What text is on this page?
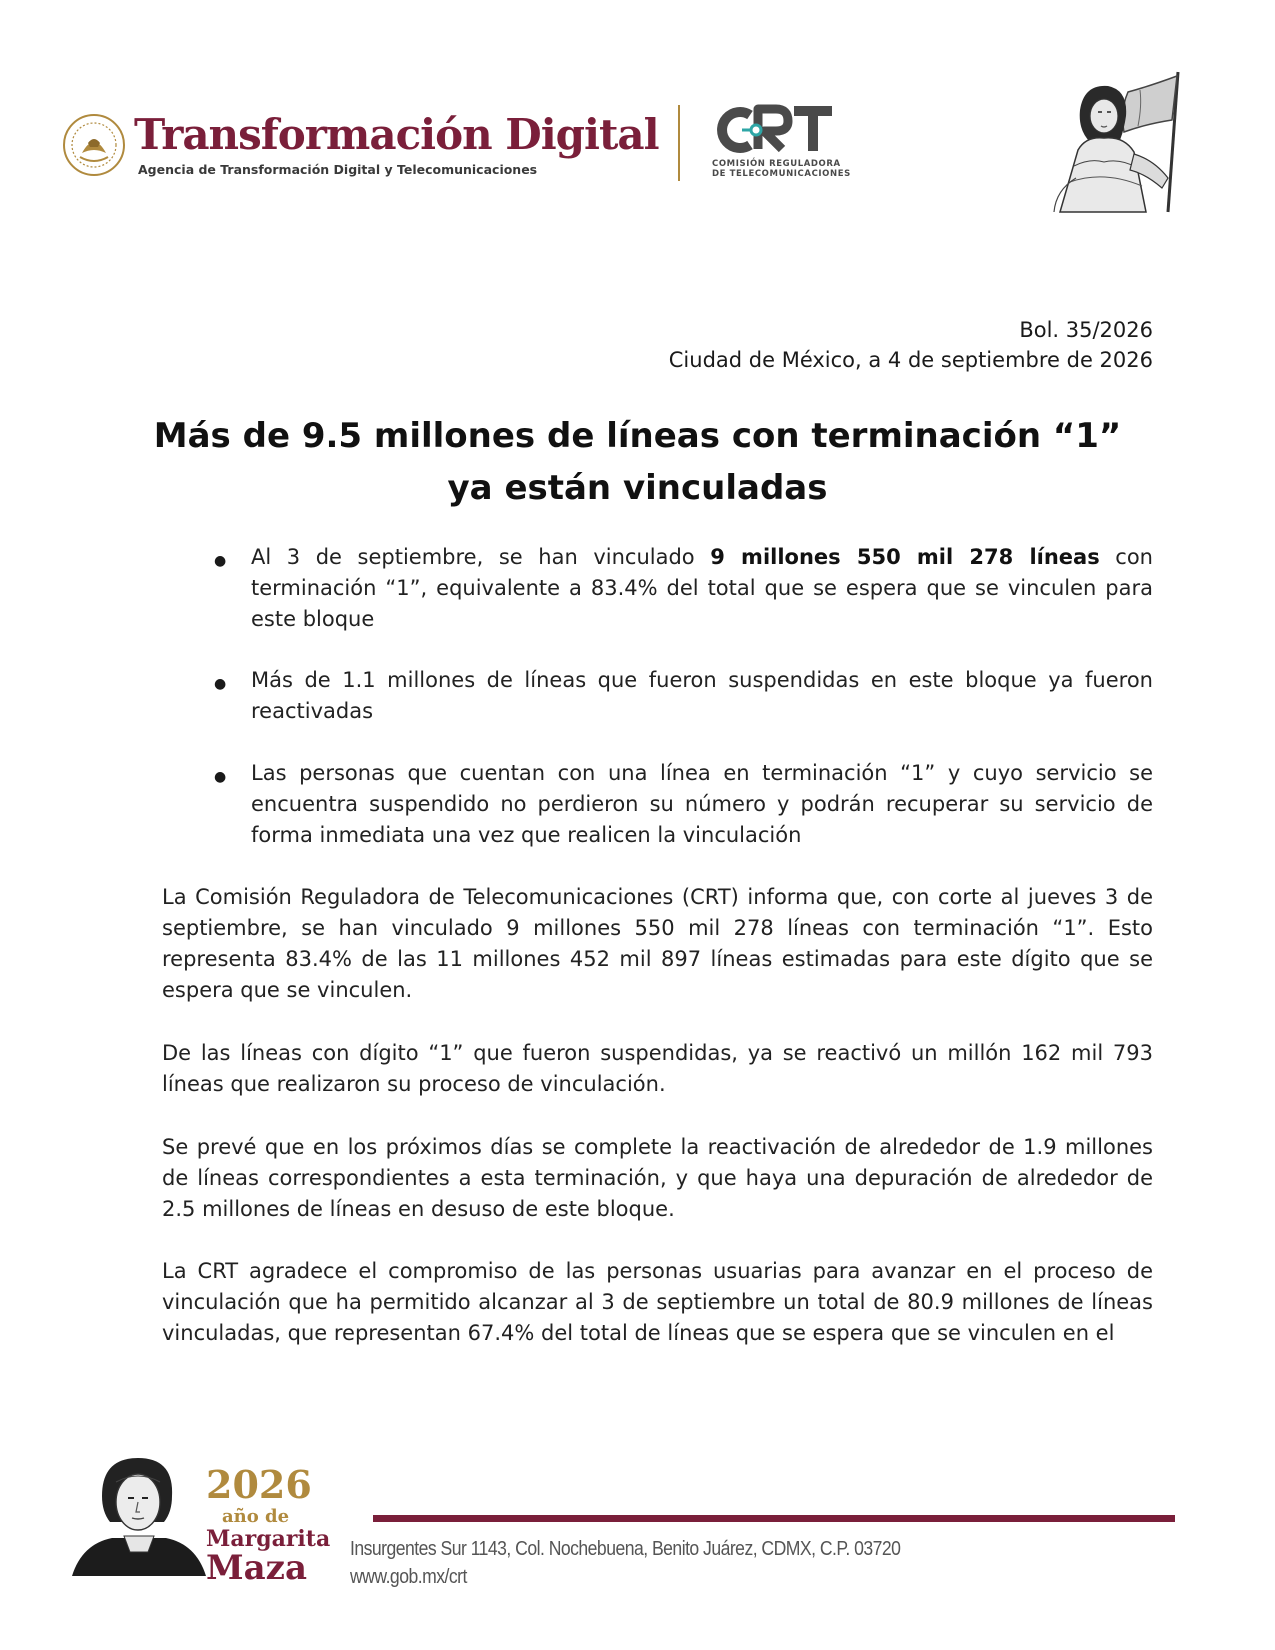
Transformación Digital
Agencia de Transformación Digital y Telecomunicaciones	COMISIÓN REGULADORA
DE TELECOMUNICACIONES
Bol. 35/2026
Ciudad de México, a 4 de septiembre de 2026
Más de 9.5 millones de líneas con terminación “1”
ya están vinculadas
●	Al 3 de septiembre, se han vinculado 9 millones 550 mil 278 líneas con terminación “1”, equivalente a 83.4% del total que se espera que se vinculen para este bloque
●	Más de 1.1 millones de líneas que fueron suspendidas en este bloque ya fueron reactivadas
●	Las personas que cuentan con una línea en terminación “1” y cuyo servicio se encuentra suspendido no perdieron su número y podrán recuperar su servicio de forma inmediata una vez que realicen la vinculación
La Comisión Reguladora de Telecomunicaciones (CRT) informa que, con corte al jueves 3 de septiembre, se han vinculado 9 millones 550 mil 278 líneas con terminación “1”. Esto representa 83.4% de las 11 millones 452 mil 897 líneas estimadas para este dígito que se espera que se vinculen.
De las líneas con dígito “1” que fueron suspendidas, ya se reactivó un millón 162 mil 793 líneas que realizaron su proceso de vinculación.
Se prevé que en los próximos días se complete la reactivación de alrededor de 1.9 millones de líneas correspondientes a esta terminación, y que haya una depuración de alrededor de 2.5 millones de líneas en desuso de este bloque.
La CRT agradece el compromiso de las personas usuarias para avanzar en el proceso de vinculación que ha permitido alcanzar al 3 de septiembre un total de 80.9 millones de líneas vinculadas, que representan 67.4% del total de líneas que se espera que se vinculen en el
2026
año de
Margarita
Maza Insurgentes Sur 1143, Col. Nochebuena, Benito Juárez, CDMX, C.P. 03720
www.gob.mx/crt
